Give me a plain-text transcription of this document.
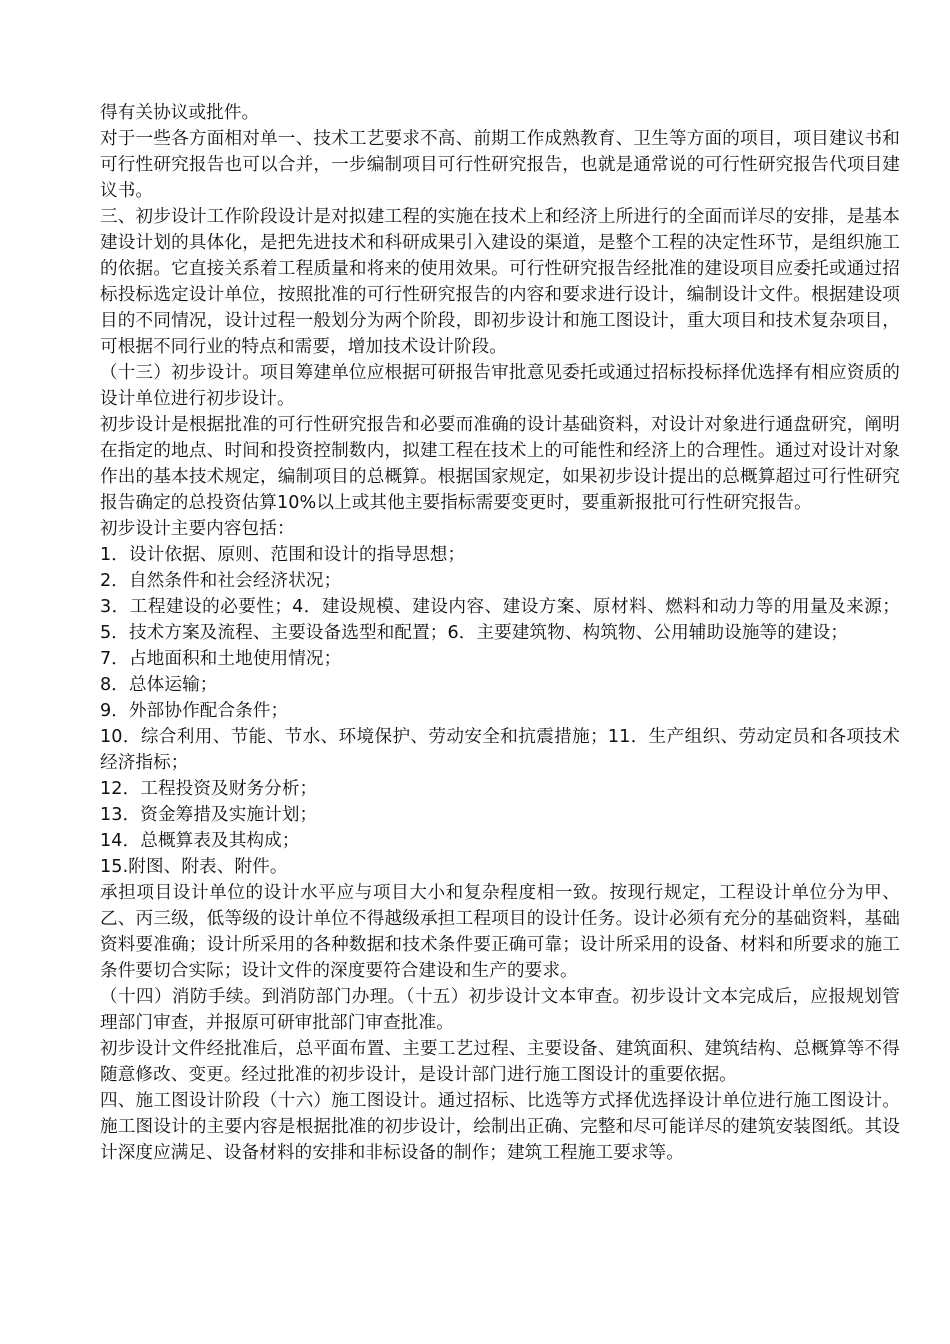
得有关协议或批件。

对于一些各方面相对单一、技术工艺要求不高、前期工作成熟教育、卫生等方面的项目，项目建议书和可行性研究报告也可以合并，一步编制项目可行性研究报告，也就是通常说的可行性研究报告代项目建议书。

三、初步设计工作阶段设计是对拟建工程的实施在技术上和经济上所进行的全面而详尽的安排，是基本建设计划的具体化，是把先进技术和科研成果引入建设的渠道，是整个工程的决定性环节，是组织施工的依据。它直接关系着工程质量和将来的使用效果。可行性研究报告经批准的建设项目应委托或通过招标投标选定设计单位，按照批准的可行性研究报告的内容和要求进行设计，编制设计文件。根据建设项目的不同情况，设计过程一般划分为两个阶段，即初步设计和施工图设计，重大项目和技术复杂项目，可根据不同行业的特点和需要，增加技术设计阶段。

（十三）初步设计。项目筹建单位应根据可研报告审批意见委托或通过招标投标择优选择有相应资质的设计单位进行初步设计。

初步设计是根据批准的可行性研究报告和必要而准确的设计基础资料，对设计对象进行通盘研究，阐明在指定的地点、时间和投资控制数内，拟建工程在技术上的可能性和经济上的合理性。通过对设计对象作出的基本技术规定，编制项目的总概算。根据国家规定，如果初步设计提出的总概算超过可行性研究报告确定的总投资估算10%以上或其他主要指标需要变更时，要重新报批可行性研究报告。

初步设计主要内容包括：

1．设计依据、原则、范围和设计的指导思想；

2．自然条件和社会经济状况；

3．工程建设的必要性；4．建设规模、建设内容、建设方案、原材料、燃料和动力等的用量及来源；5．技术方案及流程、主要设备选型和配置；6．主要建筑物、构筑物、公用辅助设施等的建设；

7．占地面积和土地使用情况；

8．总体运输；

9．外部协作配合条件；

10．综合利用、节能、节水、环境保护、劳动安全和抗震措施；11．生产组织、劳动定员和各项技术经济指标；

12．工程投资及财务分析；

13．资金筹措及实施计划；

14．总概算表及其构成；

15.附图、附表、附件。

承担项目设计单位的设计水平应与项目大小和复杂程度相一致。按现行规定，工程设计单位分为甲、乙、丙三级，低等级的设计单位不得越级承担工程项目的设计任务。设计必须有充分的基础资料，基础资料要准确；设计所采用的各种数据和技术条件要正确可靠；设计所采用的设备、材料和所要求的施工条件要切合实际；设计文件的深度要符合建设和生产的要求。

（十四）消防手续。到消防部门办理。（十五）初步设计文本审查。初步设计文本完成后，应报规划管理部门审查，并报原可研审批部门审查批准。

初步设计文件经批准后，总平面布置、主要工艺过程、主要设备、建筑面积、建筑结构、总概算等不得随意修改、变更。经过批准的初步设计，是设计部门进行施工图设计的重要依据。

四、施工图设计阶段（十六）施工图设计。通过招标、比选等方式择优选择设计单位进行施工图设计。施工图设计的主要内容是根据批准的初步设计，绘制出正确、完整和尽可能详尽的建筑安装图纸。其设计深度应满足、设备材料的安排和非标设备的制作；建筑工程施工要求等。
